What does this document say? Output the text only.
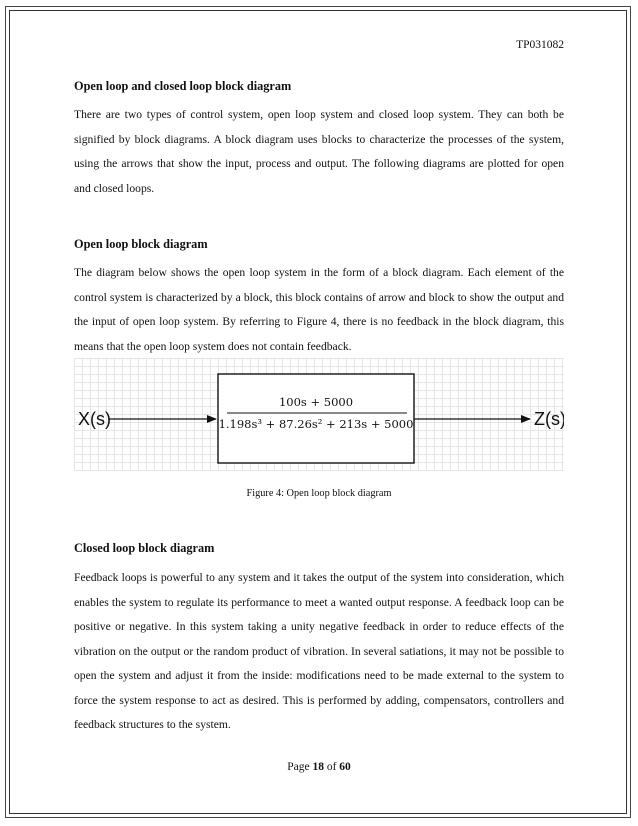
TP031082
Open loop and closed loop block diagram

There are two types of control system, open loop system and closed loop system. They can both be signified by block diagrams. A block diagram uses blocks to characterize the processes of the system, using the arrows that show the input, process and output. The following diagrams are plotted for open and closed loops.

Open loop block diagram

The diagram below shows the open loop system in the form of a block diagram. Each element of the control system is characterized by a block, this block contains of arrow and block to show the output and the input of open loop system. By referring to Figure 4, there is no feedback in the block diagram, this means that the open loop system does not contain feedback.

X(s)
100s + 5000
1.198s³ + 87.26s² + 213s + 5000	Z(s)
Figure 4: Open loop block diagram
Closed loop block diagram

Feedback loops is powerful to any system and it takes the output of the system into consideration, which enables the system to regulate its performance to meet a wanted output response. A feedback loop can be positive or negative. In this system taking a unity negative feedback in order to reduce effects of the vibration on the output or the random product of vibration. In several satiations, it may not be possible to open the system and adjust it from the inside: modifications need to be made external to the system to force the system response to act as desired. This is performed by adding, compensators, controllers and feedback structures to the system.

Page 18 of 60
